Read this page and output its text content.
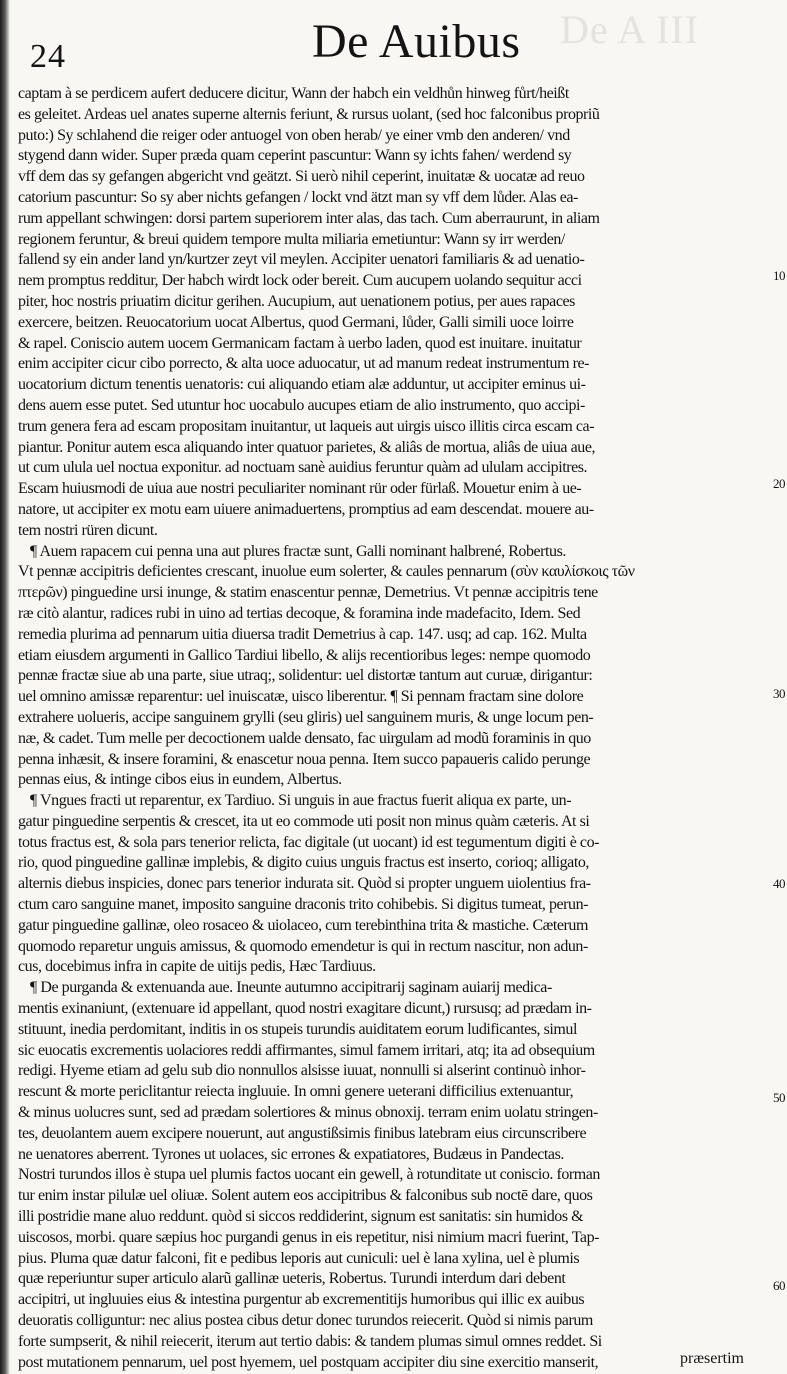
De A III
24	De Auibus
captam à se perdicem aufert deducere dicitur, Wann der habch ein veldhůn hinweg fůrt/heißt
es geleitet. Ardeas uel anates superne alternis feriunt, & rursus uolant, (sed hoc falconibus propriũ
puto:) Sy schlahend die reiger oder antuogel von oben herab/ ye einer vmb den anderen/ vnd
stygend dann wider. Super præda quam ceperint pascuntur: Wann sy ichts fahen/ werdend sy
vff dem das sy gefangen abgericht vnd geätzt. Si uerò nihil ceperint, inuitatæ & uocatæ ad reuo
catorium pascuntur: So sy aber nichts gefangen / lockt vnd ätzt man sy vff dem lůder. Alas ea-
rum appellant schwingen: dorsi partem superiorem inter alas, das tach. Cum aberraurunt, in aliam
regionem feruntur, & breui quidem tempore multa miliaria emetiuntur: Wann sy irr werden/
fallend sy ein ander land yn/kurtzer zeyt vil meylen. Accipiter uenatori familiaris & ad uenatio-
nem promptus redditur, Der habch wirdt lock oder bereit. Cum aucupem uolando sequitur acci
piter, hoc nostris priuatim dicitur gerihen. Aucupium, aut uenationem potius, per aues rapaces
exercere, beitzen. Reuocatorium uocat Albertus, quod Germani, lůder, Galli simili uoce loirre
& rapel. Coniscio autem uocem Germanicam factam à uerbo laden, quod est inuitare. inuitatur
enim accipiter cicur cibo porrecto, & alta uoce aduocatur, ut ad manum redeat instrumentum re-
uocatorium dictum tenentis uenatoris: cui aliquando etiam alæ adduntur, ut accipiter eminus ui-
dens auem esse putet. Sed utuntur hoc uocabulo aucupes etiam de alio instrumento, quo accipi-
trum genera fera ad escam propositam inuitantur, ut laqueis aut uirgis uisco illitis circa escam ca-
piantur. Ponitur autem esca aliquando inter quatuor parietes, & aliâs de mortua, aliâs de uiua aue,
ut cum ulula uel noctua exponitur. ad noctuam sanè auidius feruntur quàm ad ululam accipitres.
Escam huiusmodi de uiua aue nostri peculiariter nominant rür oder fürlaß. Mouetur enim à ue-
natore, ut accipiter ex motu eam uiuere animaduertens, promptius ad eam descendat. mouere au-
tem nostri rüren dicunt.
¶ Auem rapacem cui penna una aut plures fractæ sunt, Galli nominant halbrené, Robertus.
Vt pennæ accipitris deficientes crescant, inuolue eum solerter, & caules pennarum (σὺν καυλίσκοις τῶν
πτερῶν) pinguedine ursi inunge, & statim enascentur pennæ, Demetrius. Vt pennæ accipitris tene
ræ citò alantur, radices rubi in uino ad tertias decoque, & foramina inde madefacito, Idem. Sed
remedia plurima ad pennarum uitia diuersa tradit Demetrius à cap. 147. usq; ad cap. 162. Multa
etiam eiusdem argumenti in Gallico Tardiui libello, & alijs recentioribus leges: nempe quomodo
pennæ fractæ siue ab una parte, siue utraq;, solidentur: uel distortæ tantum aut curuæ, dirigantur:
uel omnino amissæ reparentur: uel inuiscatæ, uisco liberentur. ¶ Si pennam fractam sine dolore
extrahere uolueris, accipe sanguinem grylli (seu gliris) uel sanguinem muris, & unge locum pen-
næ, & cadet. Tum melle per decoctionem ualde densato, fac uirgulam ad modũ foraminis in quo
penna inhæsit, & insere foramini, & enascetur noua penna. Item succo papaueris calido perunge
pennas eius, & intinge cibos eius in eundem, Albertus.
¶ Vngues fracti ut reparentur, ex Tardiuo. Si unguis in aue fractus fuerit aliqua ex parte, un-
gatur pinguedine serpentis & crescet, ita ut eo commode uti posit non minus quàm cæteris. At si
totus fractus est, & sola pars tenerior relicta, fac digitale (ut uocant) id est tegumentum digiti è co-
rio, quod pinguedine gallinæ implebis, & digito cuius unguis fractus est inserto, corioq; alligato,
alternis diebus inspicies, donec pars tenerior indurata sit. Quòd si propter unguem uiolentius fra-
ctum caro sanguine manet, imposito sanguine draconis trito cohibebis. Si digitus tumeat, perun-
gatur pinguedine gallinæ, oleo rosaceo & uiolaceo, cum terebinthina trita & mastiche. Cæterum
quomodo reparetur unguis amissus, & quomodo emendetur is qui in rectum nascitur, non adun-
cus, docebimus infra in capite de uitijs pedis, Hæc Tardiuus.
¶ De purganda & extenuanda aue. Ineunte autumno accipitrarij saginam auiarij medica-
mentis exinaniunt, (extenuare id appellant, quod nostri exagitare dicunt,) rursusq; ad prædam in-
stituunt, inedia perdomitant, inditis in os stupeis turundis auiditatem eorum ludificantes, simul
sic euocatis excrementis uolaciores reddi affirmantes, simul famem irritari, atq; ita ad obsequium
redigi. Hyeme etiam ad gelu sub dio nonnullos alsisse iuuat, nonnulli si alserint continuò inhor-
rescunt & morte periclitantur reiecta ingluuie. In omni genere ueterani difficilius extenuantur,
& minus uolucres sunt, sed ad prædam solertiores & minus obnoxij. terram enim uolatu stringen-
tes, deuolantem auem excipere nouerunt, aut angustißsimis finibus latebram eius circunscribere
ne uenatores aberrent. Tyrones ut uolaces, sic errones & expatiatores, Budæus in Pandectas.
Nostri turundos illos è stupa uel plumis factos uocant ein gewell, à rotunditate ut coniscio. forman
tur enim instar pilulæ uel oliuæ. Solent autem eos accipitribus & falconibus sub noctē dare, quos
illi postridie mane aluo reddunt. quòd si siccos reddiderint, signum est sanitatis: sin humidos &
uiscosos, morbi. quare sæpius hoc purgandi genus in eis repetitur, nisi nimium macri fuerint, Tap-
pius. Pluma quæ datur falconi, fit e pedibus leporis aut cuniculi: uel è lana xylina, uel è plumis
quæ reperiuntur super articulo alarũ gallinæ ueteris, Robertus. Turundi interdum dari debent
accipitri, ut ingluuies eius & intestina purgentur ab excrementitijs humoribus qui illic ex auibus
deuoratis colliguntur: nec alius postea cibus detur donec turundos reiecerit. Quòd si nimis parum
forte sumpserit, & nihil reiecerit, iterum aut tertio dabis: & tandem plumas simul omnes reddet. Si
post mutationem pennarum, uel post hyemem, uel postquam accipiter diu sine exercitio manserit,
10
20
30
40
50
60
præsertim
